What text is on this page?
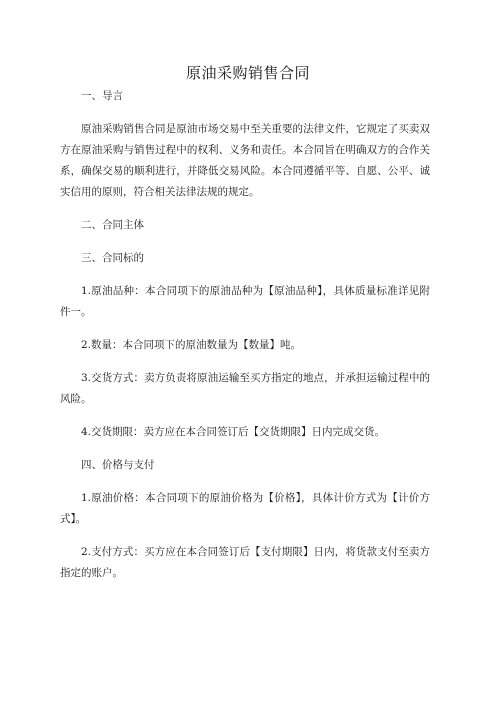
原油采购销售合同

一、导言

原油采购销售合同是原油市场交易中至关重要的法律文件，它规定了买卖双方在原油采购与销售过程中的权利、义务和责任。本合同旨在明确双方的合作关系，确保交易的顺利进行，并降低交易风险。本合同遵循平等、自愿、公平、诚实信用的原则，符合相关法律法规的规定。

二、合同主体

三、合同标的

1.原油品种：本合同项下的原油品种为【原油品种】，具体质量标准详见附件一。

2.数量：本合同项下的原油数量为【数量】吨。

3.交货方式：卖方负责将原油运输至买方指定的地点，并承担运输过程中的风险。

4.交货期限：卖方应在本合同签订后【交货期限】日内完成交货。

四、价格与支付

1.原油价格：本合同项下的原油价格为【价格】，具体计价方式为【计价方式】。

2.支付方式：买方应在本合同签订后【支付期限】日内，将货款支付至卖方指定的账户。
